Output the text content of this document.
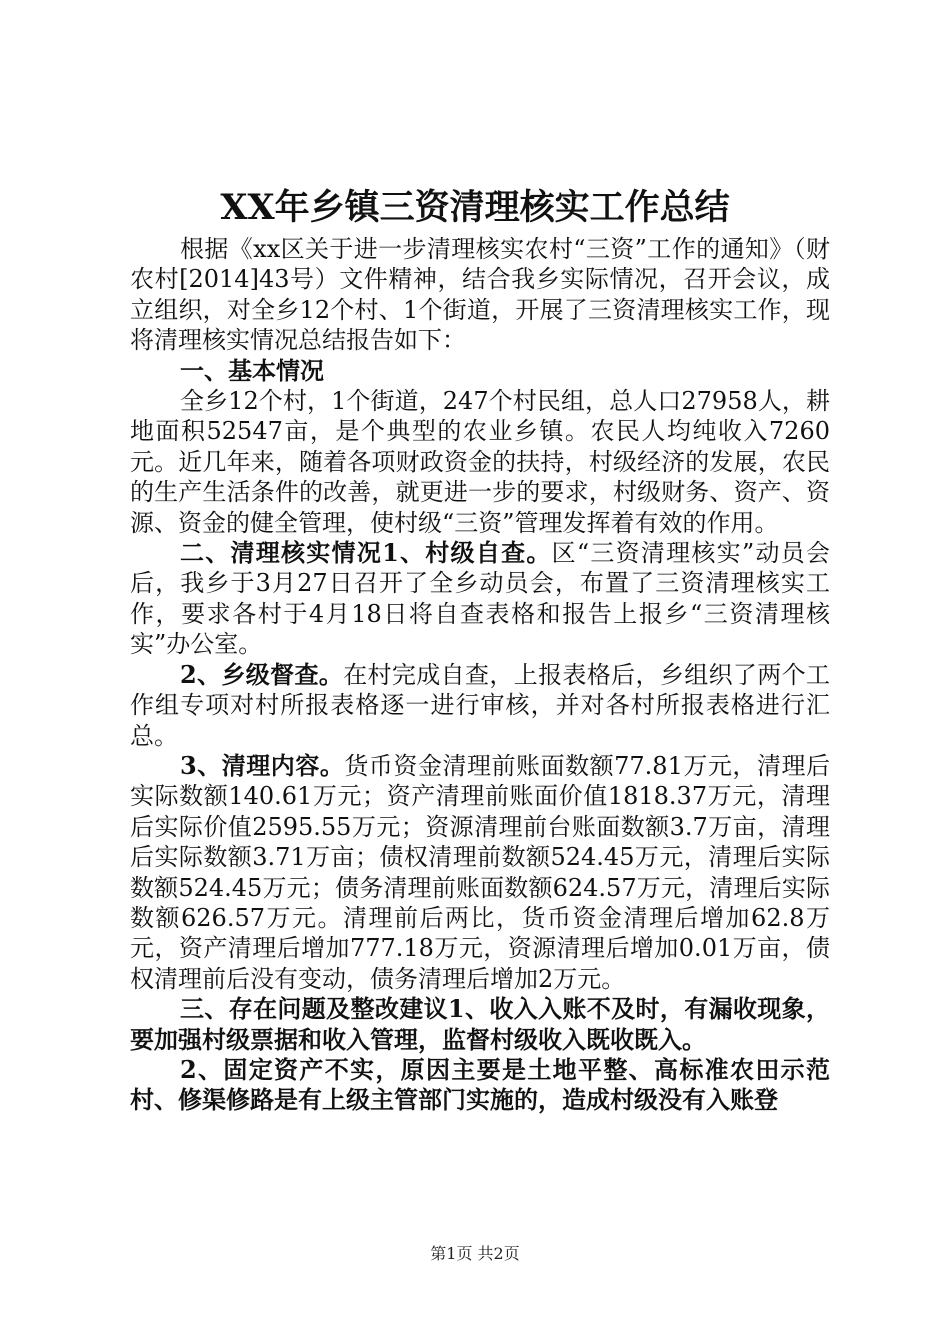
XX年乡镇三资清理核实工作总结

根据《xx区关于进一步清理核实农村“三资”工作的通知》（财农村[2014]43号）文件精神，结合我乡实际情况，召开会议，成立组织，对全乡12个村、1个街道，开展了三资清理核实工作，现将清理核实情况总结报告如下：

一、基本情况

全乡12个村，1个街道，247个村民组，总人口27958人，耕地面积52547亩，是个典型的农业乡镇。农民人均纯收入7260元。近几年来，随着各项财政资金的扶持，村级经济的发展，农民的生产生活条件的改善，就更进一步的要求，村级财务、资产、资源、资金的健全管理，使村级“三资”管理发挥着有效的作用。

二、清理核实情况1、村级自查。区“三资清理核实”动员会后，我乡于3月27日召开了全乡动员会，布置了三资清理核实工作，要求各村于4月18日将自查表格和报告上报乡“三资清理核实”办公室。

2、乡级督查。在村完成自查，上报表格后，乡组织了两个工作组专项对村所报表格逐一进行审核，并对各村所报表格进行汇总。

3、清理内容。货币资金清理前账面数额77.81万元，清理后实际数额140.61万元；资产清理前账面价值1818.37万元，清理后实际价值2595.55万元；资源清理前台账面数额3.7万亩，清理后实际数额3.71万亩；债权清理前数额524.45万元，清理后实际数额524.45万元；债务清理前账面数额624.57万元，清理后实际数额626.57万元。清理前后两比，货币资金清理后增加62.8万元，资产清理后增加777.18万元，资源清理后增加0.01万亩，债权清理前后没有变动，债务清理后增加2万元。

三、存在问题及整改建议1、收入入账不及时，有漏收现象，要加强村级票据和收入管理，监督村级收入既收既入。

2、固定资产不实，原因主要是土地平整、高标准农田示范村、修渠修路是有上级主管部门实施的，造成村级没有入账登

第1页 共2页
